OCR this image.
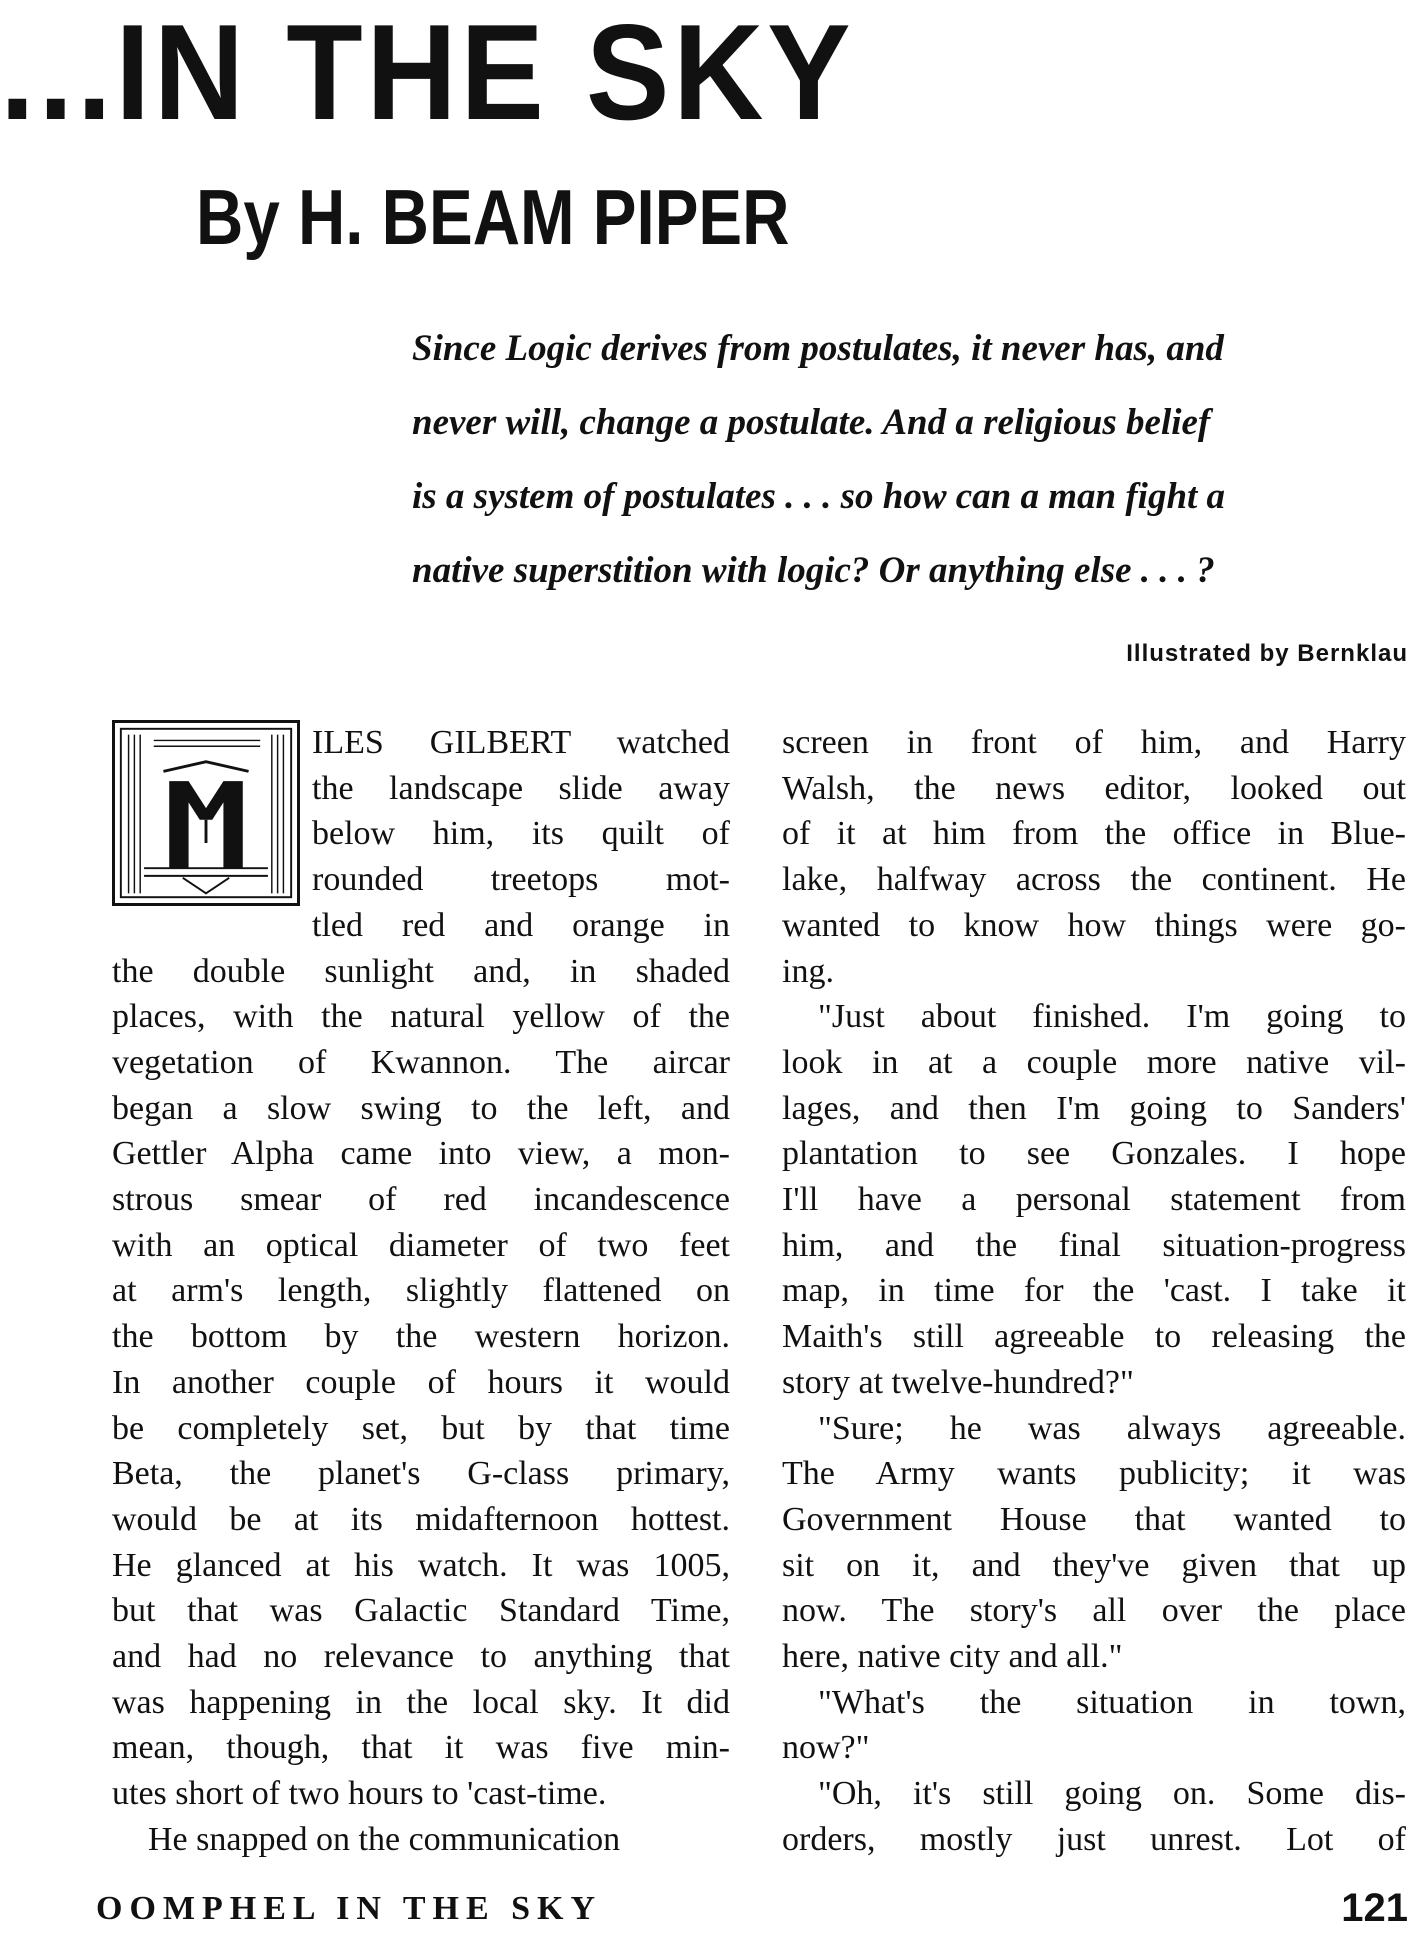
...IN THE SKY
By H. BEAM PIPER

Since Logic derives from postulates, it never has, and
never will, change a postulate. And a religious belief
is a system of postulates . . . so how can a man fight a
native superstition with logic? Or anything else . . . ?

Illustrated by Bernklau
ILES GILBERT watched
the landscape slide away
below him, its quilt of
rounded treetops mot-
tled red and orange in
the double sunlight and, in shaded
places, with the natural yellow of the
vegetation of Kwannon. The aircar
began a slow swing to the left, and
Gettler Alpha came into view, a mon-
strous smear of red incandescence
with an optical diameter of two feet
at arm's length, slightly flattened on
the bottom by the western horizon.
In another couple of hours it would
be completely set, but by that time
Beta, the planet's G-class primary,
would be at its midafternoon hottest.
He glanced at his watch. It was 1005,
but that was Galactic Standard Time,
and had no relevance to anything that
was happening in the local sky. It did
mean, though, that it was five min-
utes short of two hours to 'cast-time.
He snapped on the communication
screen in front of him, and Harry
Walsh, the news editor, looked out
of it at him from the office in Blue-
lake, halfway across the continent. He
wanted to know how things were go-
ing.
"Just about finished. I'm going to
look in at a couple more native vil-
lages, and then I'm going to Sanders'
plantation to see Gonzales. I hope
I'll have a personal statement from
him, and the final situation-progress
map, in time for the 'cast. I take it
Maith's still agreeable to releasing the
story at twelve-hundred?"
"Sure; he was always agreeable.
The Army wants publicity; it was
Government House that wanted to
sit on it, and they've given that up
now. The story's all over the place
here, native city and all."
"What's the situation in town,
now?"
"Oh, it's still going on. Some dis-
orders, mostly just unrest. Lot of
OOMPHEL IN THE SKY	121
